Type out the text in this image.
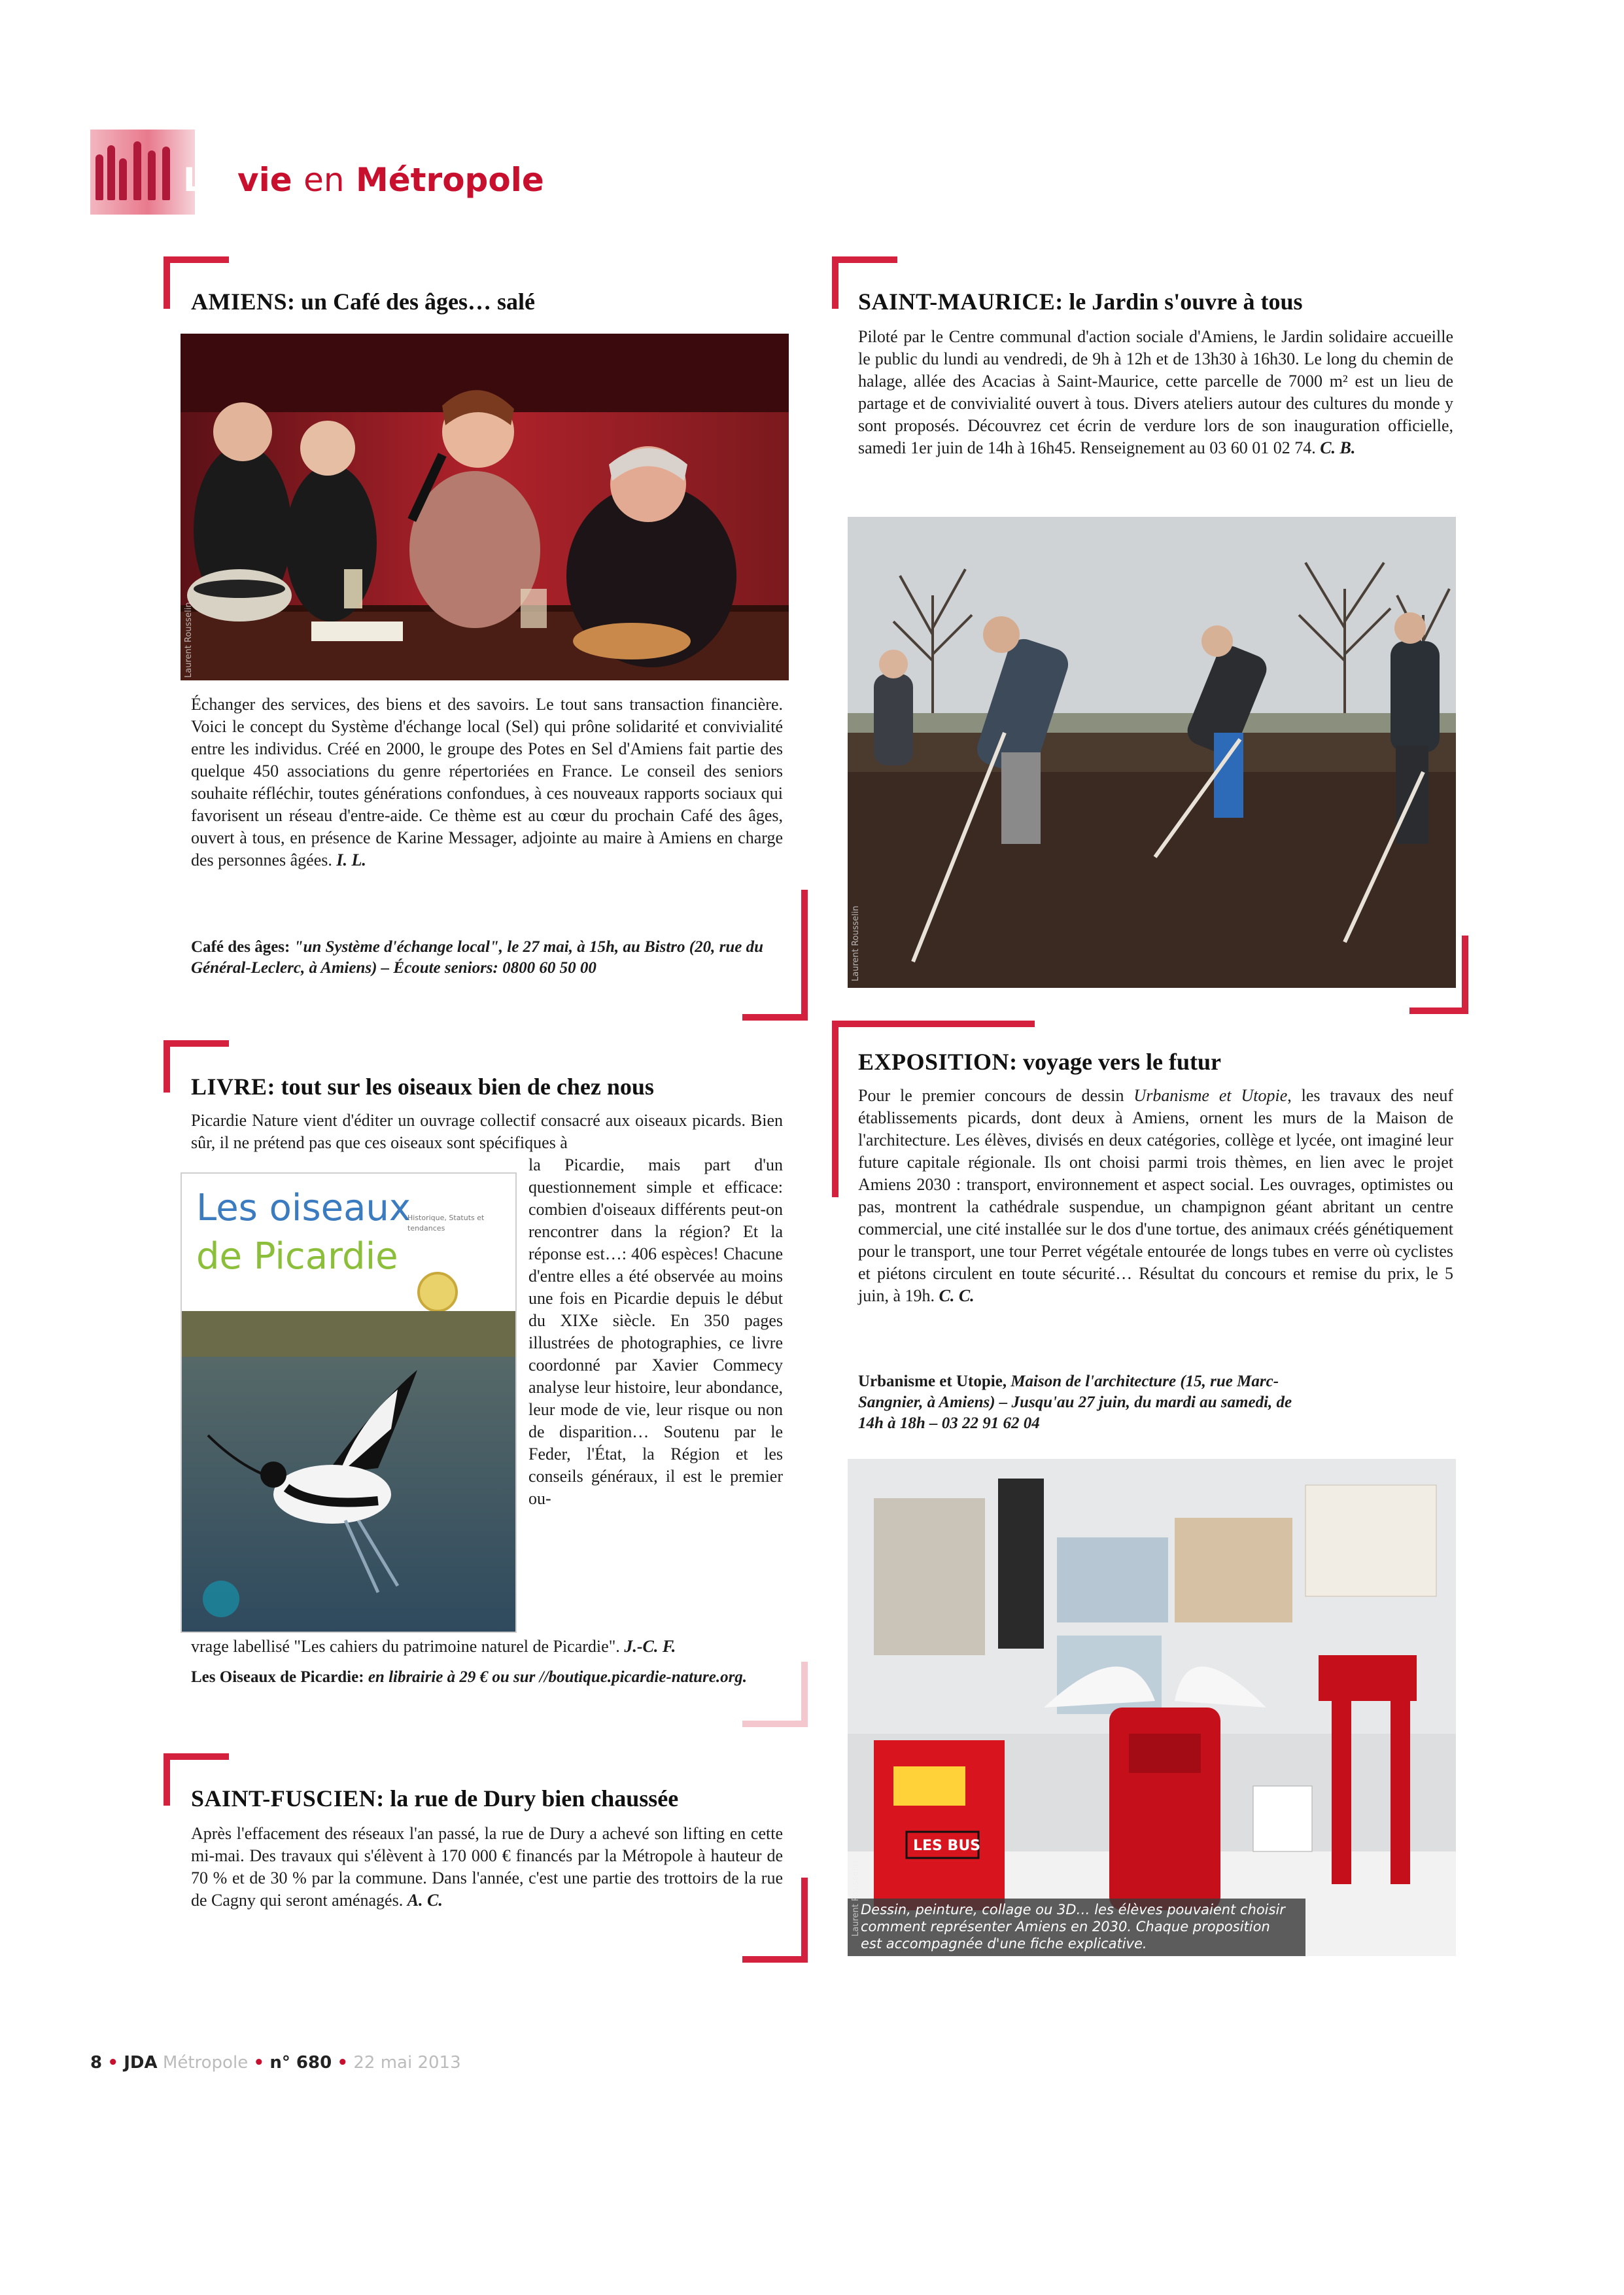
La vie en Métropole
AMIENS: un Café des âges… salé
Laurent Rousselin

Échanger des services, des biens et des savoirs. Le tout sans transaction financière. Voici le concept du Système d'échange local (Sel) qui prône solidarité et convivialité entre les individus. Créé en 2000, le groupe des Potes en Sel d'Amiens fait partie des quelque 450 associations du genre répertoriées en France. Le conseil des seniors souhaite réfléchir, toutes générations confondues, à ces nouveaux rapports sociaux qui favorisent un réseau d'entre-aide. Ce thème est au cœur du prochain Café des âges, ouvert à tous, en présence de Karine Messager, adjointe au maire à Amiens en charge des personnes âgées. I. L.

Café des âges: "un Système d'échange local", le 27 mai, à 15h, au Bistro (20, rue du Général-Leclerc, à Amiens) – Écoute seniors: 0800 60 50 00

SAINT-MAURICE: le Jardin s'ouvre à tous

Piloté par le Centre communal d'action sociale d'Amiens, le Jardin solidaire accueille le public du lundi au vendredi, de 9h à 12h et de 13h30 à 16h30. Le long du chemin de halage, allée des Acacias à Saint-Maurice, cette parcelle de 7000 m² est un lieu de partage et de convivialité ouvert à tous. Divers ateliers autour des cultures du monde y sont proposés. Découvrez cet écrin de verdure lors de son inauguration officielle, samedi 1er juin de 14h à 16h45. Renseignement au 03 60 01 02 74. C. B.

Laurent Rousselin
LIVRE: tout sur les oiseaux bien de chez nous

Picardie Nature vient d'éditer un ouvrage collectif consacré aux oiseaux picards. Bien sûr, il ne prétend pas que ces oiseaux sont spécifiques à

Les oiseaux
de Picardie
Historique, Statuts et tendances

la Picardie, mais part d'un questionnement simple et efficace: combien d'oiseaux différents peut-on rencontrer dans la région? Et la réponse est…: 406 espèces! Chacune d'entre elles a été observée au moins une fois en Picardie depuis le début du XIXe siècle. En 350 pages illustrées de photographies, ce livre coordonné par Xavier Commecy analyse leur histoire, leur abondance, leur mode de vie, leur risque ou non de disparition… Soutenu par le Feder, l'État, la Région et les conseils généraux, il est le premier ou-

vrage labellisé "Les cahiers du patrimoine naturel de Picardie". J.-C. F.

Les Oiseaux de Picardie: en librairie à 29 € ou sur //boutique.picardie-nature.org.

SAINT-FUSCIEN: la rue de Dury bien chaussée

Après l'effacement des réseaux l'an passé, la rue de Dury a achevé son lifting en cette mi-mai. Des travaux qui s'élèvent à 170 000 € financés par la Métropole à hauteur de 70 % et de 30 % par la commune. Dans l'année, c'est une partie des trottoirs de la rue de Cagny qui seront aménagés. A. C.

EXPOSITION: voyage vers le futur

Pour le premier concours de dessin Urbanisme et Utopie, les travaux des neuf établissements picards, dont deux à Amiens, ornent les murs de la Maison de l'architecture. Les élèves, divisés en deux catégories, collège et lycée, ont imaginé leur future capitale régionale. Ils ont choisi parmi trois thèmes, en lien avec le projet Amiens 2030 : transport, environnement et aspect social. Les ouvrages, optimistes ou pas, montrent la cathédrale suspendue, un champignon géant abritant un centre commercial, une cité installée sur le dos d'une tortue, des animaux créés génétiquement pour le transport, une tour Perret végétale entourée de longs tubes en verre où cyclistes et piétons circulent en toute sécurité… Résultat du concours et remise du prix, le 5 juin, à 19h. C. C.

Urbanisme et Utopie, Maison de l'architecture (15, rue Marc-Sangnier, à Amiens) – Jusqu'au 27 juin, du mardi au samedi, de 14h à 18h – 03 22 91 62 04

LES BUS
Dessin, peinture, collage ou 3D… les élèves pouvaient choisir comment représenter Amiens en 2030. Chaque proposition est accompagnée d'une fiche explicative.
Laurent Rousselin
8 • JDA Métropole • n° 680 • 22 mai 2013
